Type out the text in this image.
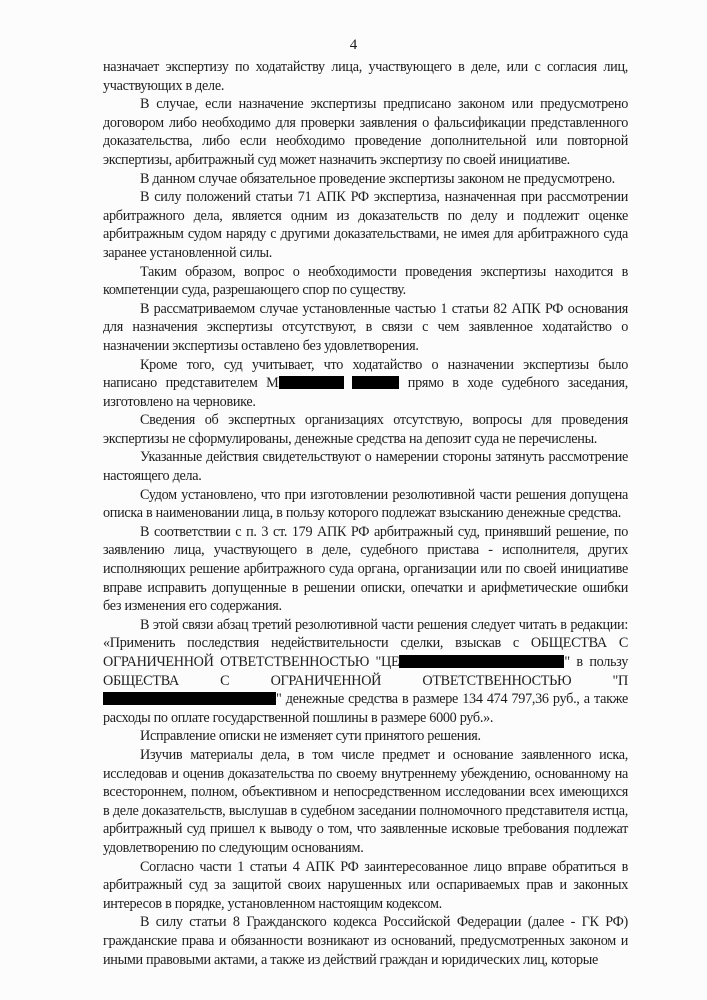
4

назначает экспертизу по ходатайству лица, участвующего в деле, или с согласия лиц, участвующих в деле.

В случае, если назначение экспертизы предписано законом или предусмотрено договором либо необходимо для проверки заявления о фальсификации представленного доказательства, либо если необходимо проведение дополнительной или повторной экспертизы, арбитражный суд может назначить экспертизу по своей инициативе.

В данном случае обязательное проведение экспертизы законом не предусмотрено.

В силу положений статьи 71 АПК РФ экспертиза, назначенная при рассмотрении арбитражного дела, является одним из доказательств по делу и подлежит оценке арбитражным судом наряду с другими доказательствами, не имея для арбитражного суда заранее установленной силы.

Таким образом, вопрос о необходимости проведения экспертизы находится в компетенции суда, разрешающего спор по существу.

В рассматриваемом случае установленные частью 1 статьи 82 АПК РФ основания для назначения экспертизы отсутствуют, в связи с чем заявленное ходатайство о назначении экспертизы оставлено без удовлетворения.

Кроме того, суд учитывает, что ходатайство о назначении экспертизы было написано представителем М	прямо в ходе судебного заседания, изготовлено на черновике.

Сведения об экспертных организациях отсутствую, вопросы для проведения экспертизы не сформулированы, денежные средства на депозит суда не перечислены.

Указанные действия свидетельствуют о намерении стороны затянуть рассмотрение настоящего дела.

Судом установлено, что при изготовлении резолютивной части решения допущена описка в наименовании лица, в пользу которого подлежат взысканию денежные средства.

В соответствии с п. 3 ст. 179 АПК РФ арбитражный суд, принявший решение, по заявлению лица, участвующего в деле, судебного пристава - исполнителя, других исполняющих решение арбитражного суда органа, организации или по своей инициативе вправе исправить допущенные в решении описки, опечатки и арифметические ошибки без изменения его содержания.

В этой связи абзац третий резолютивной части решения следует читать в редакции: «Применить последствия недействительности сделки, взыскав с ОБЩЕСТВА С ОГРАНИЧЕННОЙ ОТВЕТСТВЕННОСТЬЮ "ЦЕ	" в пользу ОБЩЕСТВА С ОГРАНИЧЕННОЙ ОТВЕТСТВЕННОСТЬЮ "П" денежные средства в размере 134 474 797,36 руб., а также расходы по оплате государственной пошлины в размере 6000 руб.».

Исправление описки не изменяет сути принятого решения.

Изучив материалы дела, в том числе предмет и основание заявленного иска, исследовав и оценив доказательства по своему внутреннему убеждению, основанному на всестороннем, полном, объективном и непосредственном исследовании всех имеющихся в деле доказательств, выслушав в судебном заседании полномочного представителя истца, арбитражный суд пришел к выводу о том, что заявленные исковые требования подлежат удовлетворению по следующим основаниям.

Согласно части 1 статьи 4 АПК РФ заинтересованное лицо вправе обратиться в арбитражный суд за защитой своих нарушенных или оспариваемых прав и законных интересов в порядке, установленном настоящим кодексом.

В силу статьи 8 Гражданского кодекса Российской Федерации (далее - ГК РФ) гражданские права и обязанности возникают из оснований, предусмотренных законом и иными правовыми актами, а также из действий граждан и юридических лиц, которые
